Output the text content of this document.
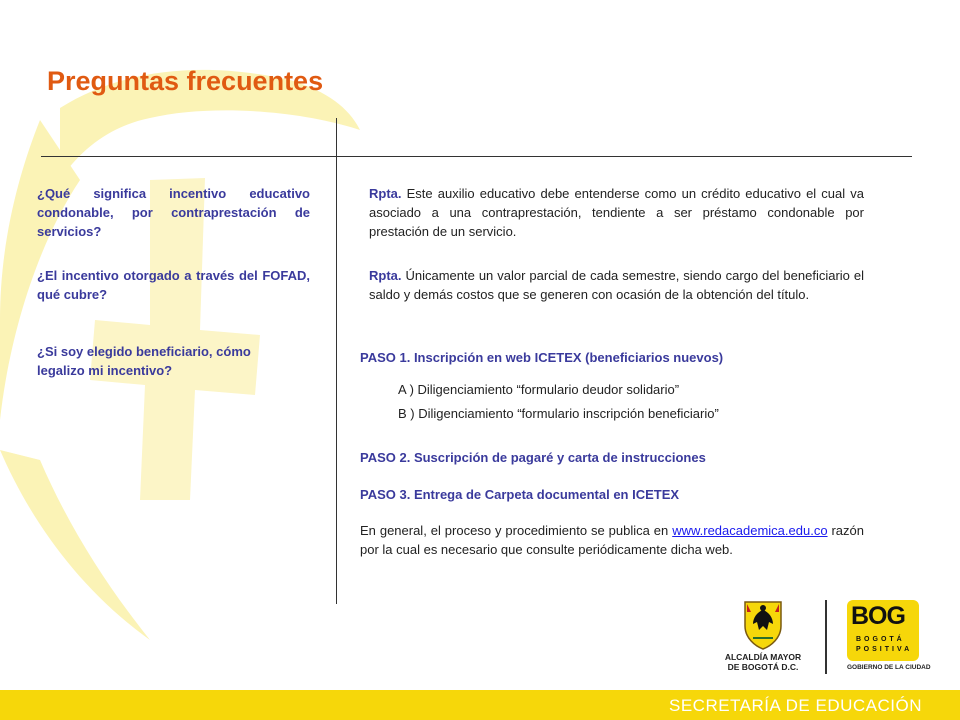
Preguntas frecuentes

¿Qué significa incentivo educativo condonable, por contraprestación de servicios?

¿El incentivo otorgado a través del FOFAD, qué cubre?

¿Si soy elegido beneficiario, cómo legalizo mi incentivo?

Rpta. Este auxilio educativo debe entenderse como un crédito educativo el cual va asociado a una contraprestación, tendiente a ser préstamo condonable por prestación de un servicio.

Rpta. Únicamente un valor parcial de cada semestre, siendo cargo del beneficiario el saldo y demás costos que se generen con ocasión de la obtención del título.

PASO 1. Inscripción en web ICETEX (beneficiarios nuevos)

A ) Diligenciamiento “formulario deudor solidario”

B ) Diligenciamiento “formulario inscripción beneficiario”

PASO 2. Suscripción de pagaré y carta de instrucciones

PASO 3. Entrega de Carpeta documental en ICETEX

En general, el proceso y procedimiento se publica en www.redacademica.edu.co razón por la cual es necesario que consulte periódicamente dicha web.

ALCALDÍA MAYOR
DE BOGOTÁ D.C.
BOG
BOGOTÁ
POSITIVA
GOBIERNO DE LA CIUDAD

SECRETARÍA DE EDUCACIÓN
